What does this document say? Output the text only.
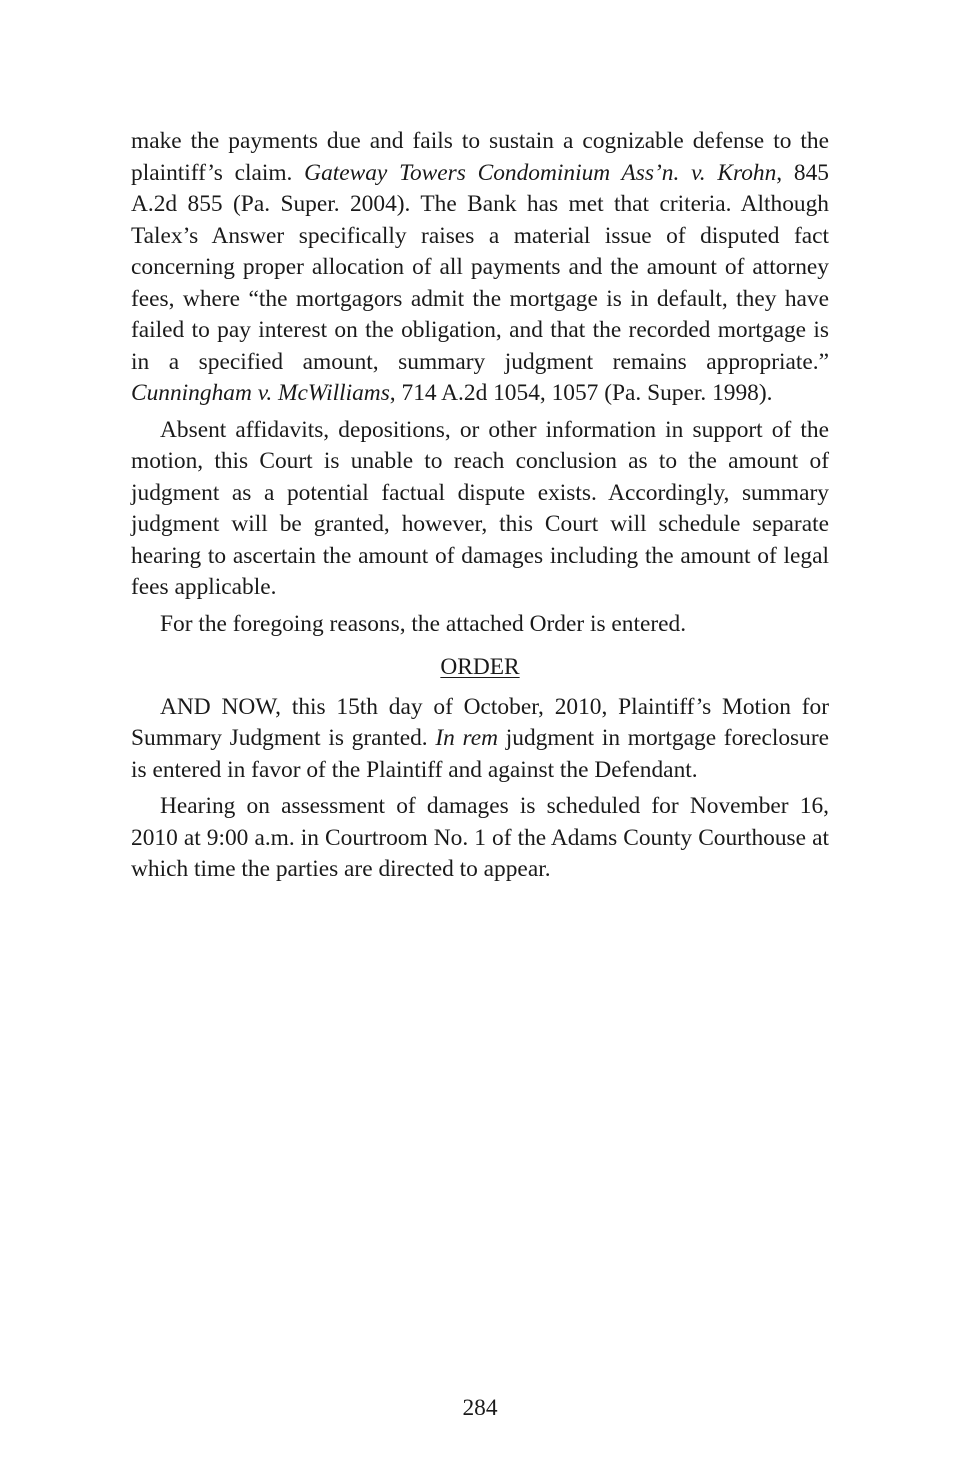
make the payments due and fails to sustain a cognizable defense to the plaintiff’s claim. Gateway Towers Condominium Ass’n. v. Krohn, 845 A.2d 855 (Pa. Super. 2004). The Bank has met that criteria. Although Talex’s Answer specifically raises a material issue of disputed fact concerning proper allocation of all payments and the amount of attorney fees, where “the mortgagors admit the mortgage is in default, they have failed to pay interest on the obligation, and that the recorded mortgage is in a specified amount, summary judgment remains appropriate.” Cunningham v. McWilliams, 714 A.2d 1054, 1057 (Pa. Super. 1998).

Absent affidavits, depositions, or other information in support of the motion, this Court is unable to reach conclusion as to the amount of judgment as a potential factual dispute exists. Accordingly, summary judgment will be granted, however, this Court will schedule separate hearing to ascertain the amount of damages including the amount of legal fees applicable.

For the foregoing reasons, the attached Order is entered.

ORDER

AND NOW, this 15th day of October, 2010, Plaintiff’s Motion for Summary Judgment is granted. In rem judgment in mortgage foreclosure is entered in favor of the Plaintiff and against the Defendant.

Hearing on assessment of damages is scheduled for November 16, 2010 at 9:00 a.m. in Courtroom No. 1 of the Adams County Courthouse at which time the parties are directed to appear.

284
